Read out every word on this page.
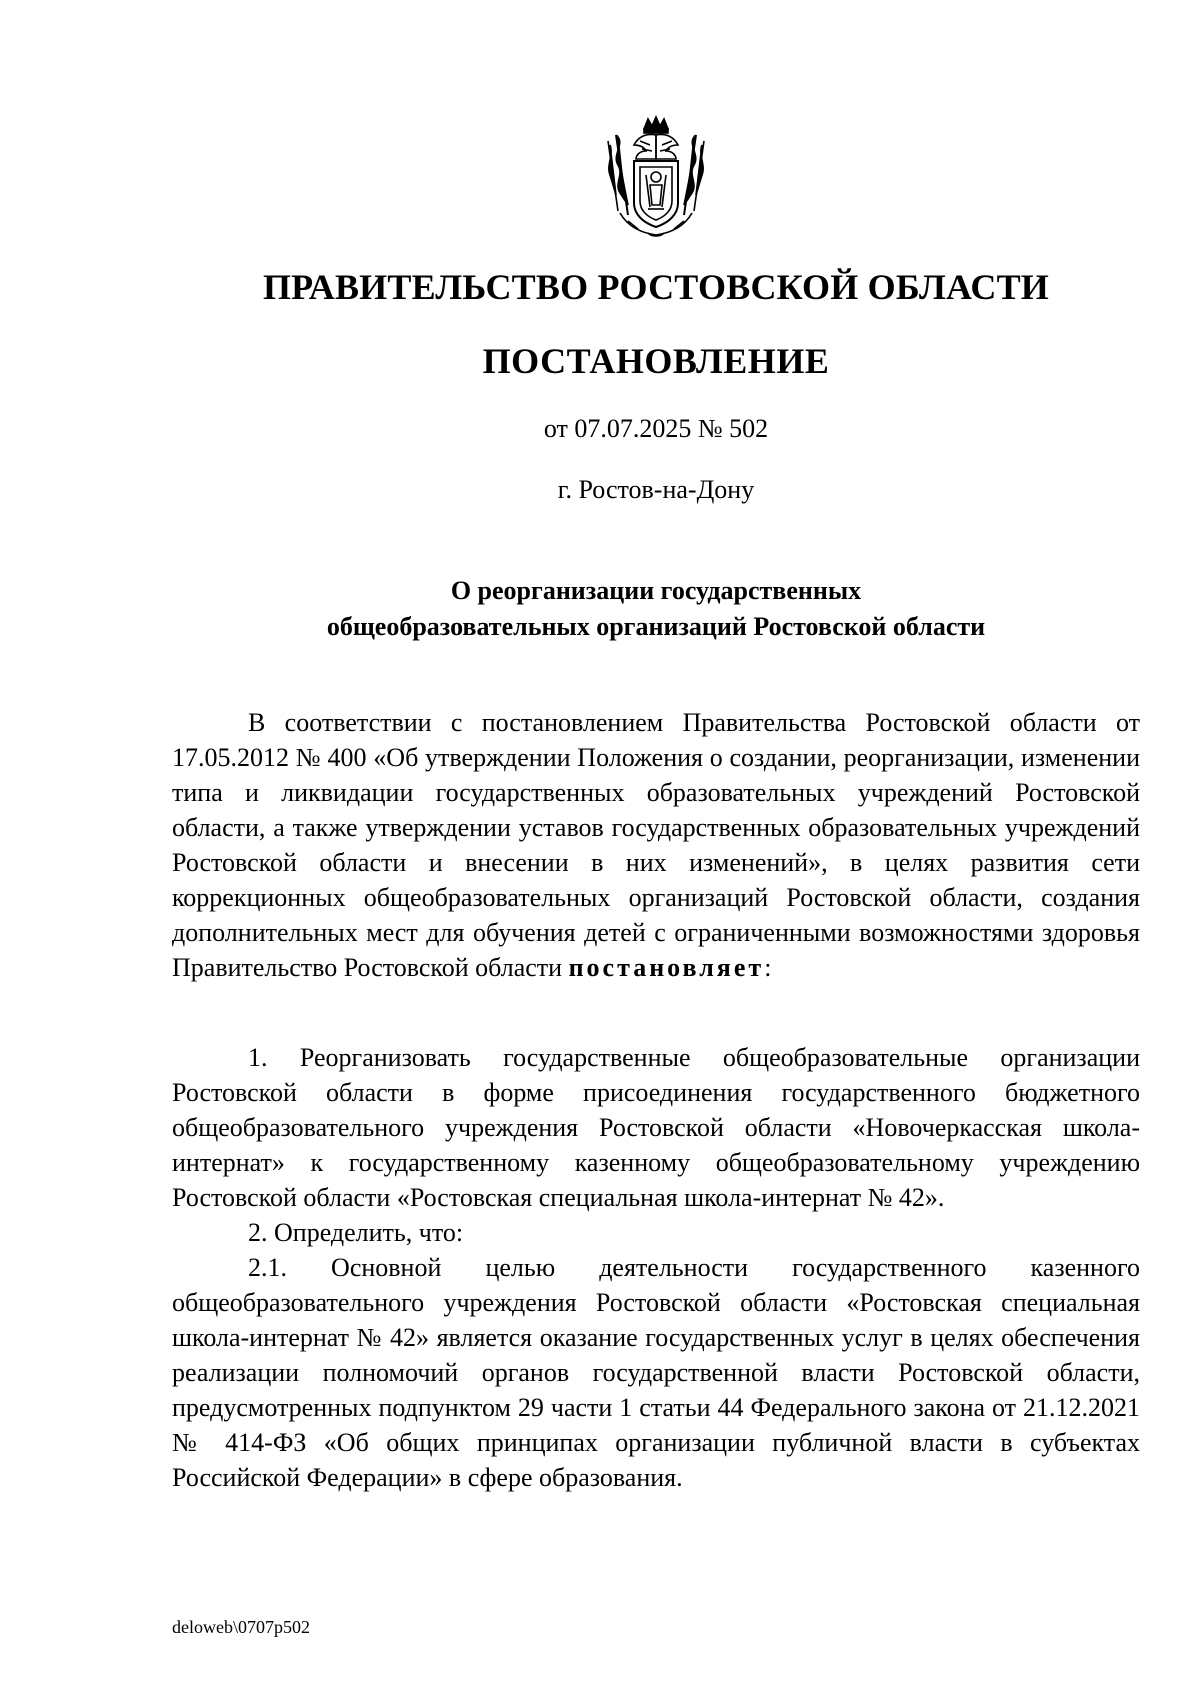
ПРАВИТЕЛЬСТВО РОСТОВСКОЙ ОБЛАСТИ
ПОСТАНОВЛЕНИЕ
от 07.07.2025 № 502
г. Ростов-на-Дону
О реорганизации государственных
общеобразовательных организаций Ростовской области

В соответствии с постановлением Правительства Ростовской области от 17.05.2012 № 400 «Об утверждении Положения о создании, реорганизации, изменении типа и ликвидации государственных образовательных учреждений Ростовской области, а также утверждении уставов государственных образовательных учреждений Ростовской области и внесении в них изменений», в целях развития сети коррекционных общеобразовательных организаций Ростовской области, создания дополнительных мест для обучения детей с ограниченными возможностями здоровья Правительство Ростовской области постановляет:

1. Реорганизовать государственные общеобразовательные организации Ростовской области в форме присоединения государственного бюджетного общеобразовательного учреждения Ростовской области «Новочеркасская школа-интернат» к государственному казенному общеобразовательному учреждению Ростовской области «Ростовская специальная школа-интернат № 42».

2. Определить, что:

2.1. Основной целью деятельности государственного казенного общеобразовательного учреждения Ростовской области «Ростовская специальная школа-интернат № 42» является оказание государственных услуг в целях обеспечения реализации полномочий органов государственной власти Ростовской области, предусмотренных подпунктом 29 части 1 статьи 44 Федерального закона от 21.12.2021 № 414-ФЗ «Об общих принципах организации публичной власти в субъектах Российской Федерации» в сфере образования.

deloweb\0707p502
